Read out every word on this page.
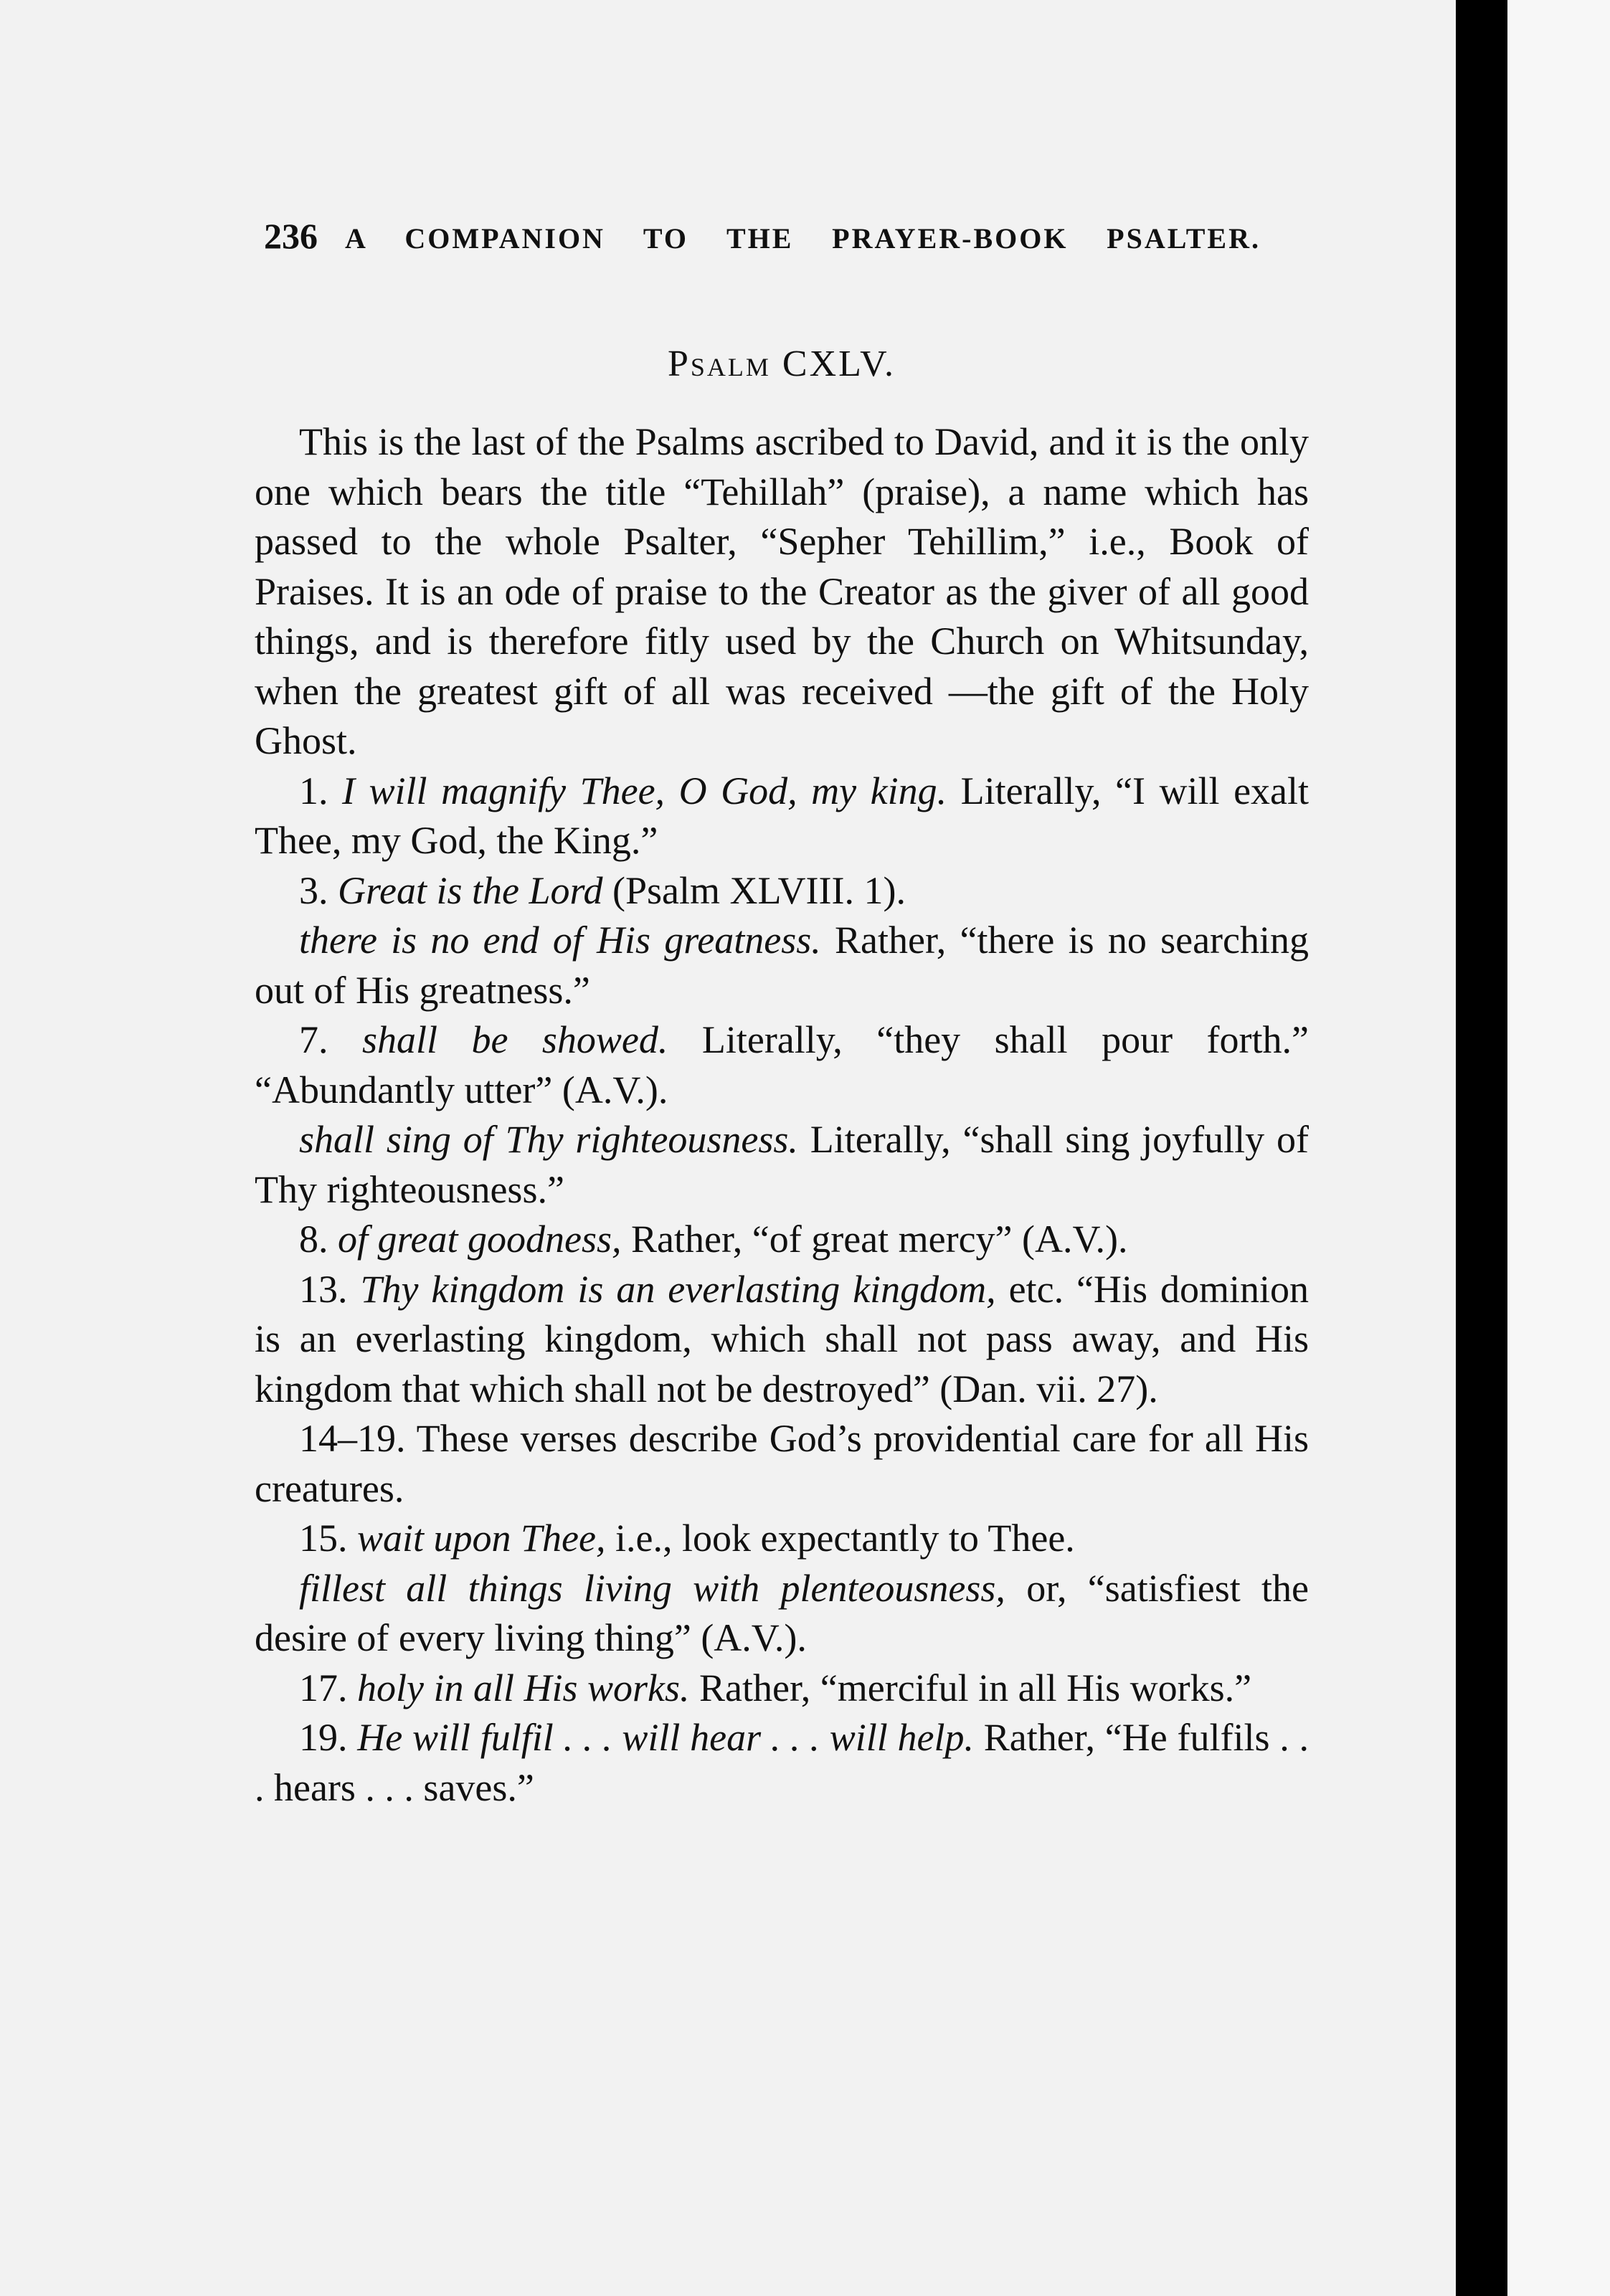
236 A COMPANION TO THE PRAYER-BOOK PSALTER.
Psalm CXLV.

This is the last of the Psalms ascribed to David, and it is the only one which bears the title “Tehillah” (praise), a name which has passed to the whole Psalter, “Sepher Tehillim,” i.e., Book of Praises. It is an ode of praise to the Creator as the giver of all good things, and is therefore fitly used by the Church on Whitsunday, when the greatest gift of all was received —the gift of the Holy Ghost.

1. I will magnify Thee, O God, my king. Literally, “I will exalt Thee, my God, the King.”

3. Great is the Lord (Psalm XLVIII. 1).

there is no end of His greatness. Rather, “there is no searching out of His greatness.”

7. shall be showed. Literally, “they shall pour forth.” “Abundantly utter” (A.V.).

shall sing of Thy righteousness. Literally, “shall sing joyfully of Thy righteousness.”

8. of great goodness, Rather, “of great mercy” (A.V.).

13. Thy kingdom is an everlasting kingdom, etc. “His dominion is an everlasting kingdom, which shall not pass away, and His kingdom that which shall not be destroyed” (Dan. vii. 27).

14–19. These verses describe God’s providential care for all His creatures.

15. wait upon Thee, i.e., look expectantly to Thee.

fillest all things living with plenteousness, or, “satisfiest the desire of every living thing” (A.V.).

17. holy in all His works. Rather, “merciful in all His works.”

19. He will fulfil . . . will hear . . . will help. Rather, “He fulfils . . . hears . . . saves.”
